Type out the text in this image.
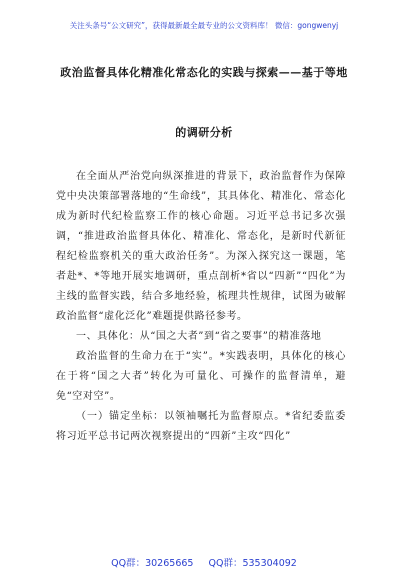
关注头条号“公文研究”，获得最新最全最专业的公文资料库！ 微信：gongwenyj
政治监督具体化精准化常态化的实践与探索——基于等地
的调研分析

在全面从严治党向纵深推进的背景下，政治监督作为保障党中央决策部署落地的“生命线”，其具体化、精准化、常态化成为新时代纪检监察工作的核心命题。习近平总书记多次强调，“推进政治监督具体化、精准化、常态化，是新时代新征程纪检监察机关的重大政治任务”。为深入探究这一课题，笔者赴*、*等地开展实地调研，重点剖析*省以“四新”“四化”为主线的监督实践，结合多地经验，梳理共性规律，试图为破解政治监督“虚化泛化”难题提供路径参考。

一、具体化：从“国之大者”到“省之要事”的精准落地

政治监督的生命力在于“实”。*实践表明，具体化的核心在于将“国之大者”转化为可量化、可操作的监督清单，避免“空对空”。

（一）锚定坐标：以领袖嘱托为监督原点。*省纪委监委将习近平总书记两次视察提出的“四新”主攻“四化”

QQ群：30265665 QQ群：535304092
